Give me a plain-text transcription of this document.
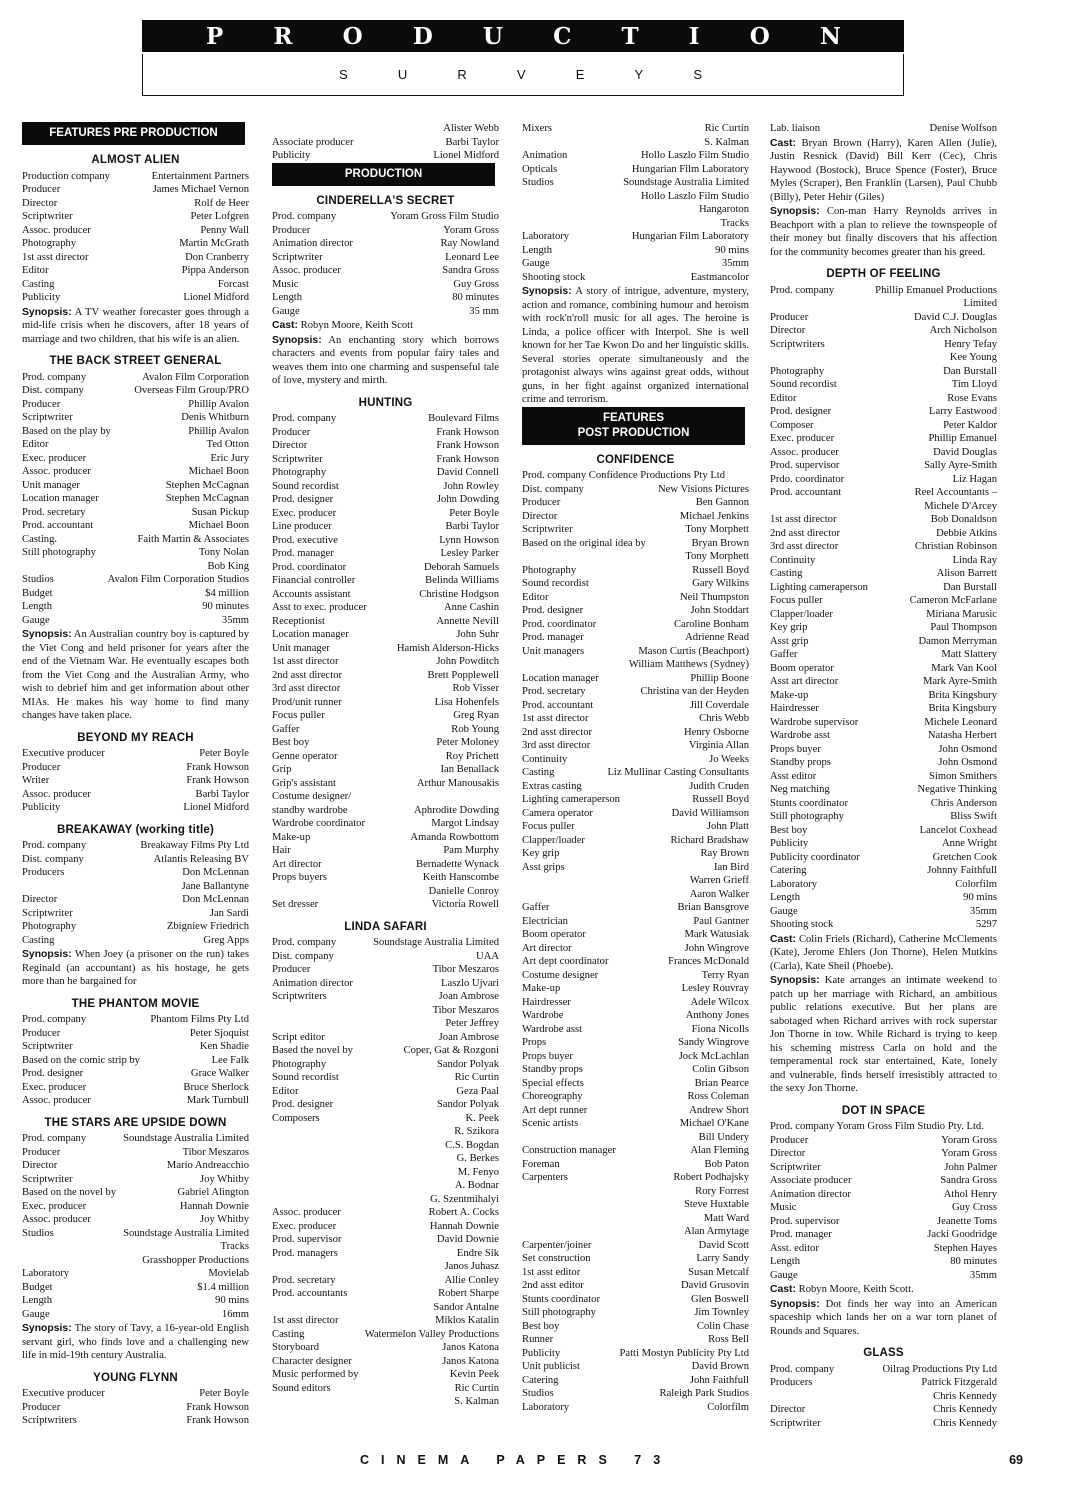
P R O D U C T I O N
S	U	R	V	E	Y	S
FEATURES PRE PRODUCTION
ALMOST ALIEN
Production company	Entertainment Partners
Producer	James Michael Vernon
Director	Rolf de Heer
Scriptwriter	Peter Lofgren
Assoc. producer	Penny Wall
Photography	Martin McGrath
1st asst director	Don Cranberry
Editor	Pippa Anderson
Casting	Forcast
Publicity	Lionel Midford
Synopsis: A TV weather forecaster goes through a mid-life crisis when he discovers, after 18 years of marriage and two children, that his wife is an alien.
THE BACK STREET GENERAL
Prod. company	Avalon Film Corporation
Dist. company	Overseas Film Group/PRO
Producer	Phillip Avalon
Scriptwriter	Denis Whitburn
Based on the play by	Phillip Avalon
Editor	Ted Otton
Exec. producer	Eric Jury
Assoc. producer	Michael Boon
Unit manager	Stephen McCagnan
Location manager	Stephen McCagnan
Prod. secretary	Susan Pickup
Prod. accountant	Michael Boon
Casting.	Faith Martin & Associates
Still photography	Tony Nolan
Bob King
Studios	Avalon Film Corporation Studios
Budget	$4 million
Length	90 minutes
Gauge	35mm
Synopsis: An Australian country boy is captured by the Viet Cong and held prisoner for years after the end of the Vietnam War. He eventually escapes both from the Viet Cong and the Australian Army, who wish to debrief him and get information about other MIAs. He makes his way home to find many changes have taken place.
BEYOND MY REACH
Executive producer	Peter Boyle
Producer	Frank Howson
Writer	Frank Howson
Assoc. producer	Barbi Taylor
Publicity	Lionel Midford
BREAKAWAY (working title)
Prod. company	Breakaway Films Pty Ltd
Dist. company	Atlantis Releasing BV
Producers	Don McLennan
Jane Ballantyne
Director	Don McLennan
Scriptwriter	Jan Sardi
Photography	Zbigniew Friedrich
Casting	Greg Apps
Synopsis: When Joey (a prisoner on the run) takes Reginald (an accountant) as his hostage, he gets more than he bargained for
THE PHANTOM MOVIE
Prod. company	Phantom Films Pty Ltd
Producer	Peter Sjoquist
Scriptwriter	Ken Shadie
Based on the comic strip by	Lee Falk
Prod. designer	Grace Walker
Exec. producer	Bruce Sherlock
Assoc. producer	Mark Turnbull
THE STARS ARE UPSIDE DOWN
Prod. company	Soundstage Australia Limited
Producer	Tibor Meszaros
Director	Mario Andreacchio
Scriptwriter	Joy Whitby
Based on the novel by	Gabriel Alington
Exec. producer	Hannah Downie
Assoc. producer	Joy Whitby
Studios	Soundstage Australia Limited
Tracks
Grasshopper Productions
Laboratory	Movielab
Budget	$1.4 million
Length	90 mins
Gauge	16mm
Synopsis: The story of Tavy, a 16-year-old English servant girl, who finds love and a challenging new life in mid-19th century Australia.
YOUNG FLYNN
Executive producer	Peter Boyle
Producer	Frank Howson
Scriptwriters	Frank Howson
Alister Webb
Associate producer	Barbi Taylor
Publicity	Lionel Midford
PRODUCTION
CINDERELLA'S SECRET
Prod. company	Yoram Gross Film Studio
Producer	Yoram Gross
Animation director	Ray Nowland
Scriptwriter	Leonard Lee
Assoc. producer	Sandra Gross
Music	Guy Gross
Length	80 minutes
Gauge	35 mm
Cast: Robyn Moore, Keith Scott
Synopsis: An enchanting story which borrows characters and events from popular fairy tales and weaves them into one charming and suspenseful tale of love, mystery and mirth.
HUNTING
Prod. company	Boulevard Films
Producer	Frank Howson
Director	Frank Howson
Scriptwriter	Frank Howson
Photography	David Connell
Sound recordist	John Rowley
Prod. designer	John Dowding
Exec. producer	Peter Boyle
Line producer	Barbi Taylor
Prod. executive	Lynn Howson
Prod. manager	Lesley Parker
Prod. coordinator	Deborah Samuels
Financial controller	Belinda Williams
Accounts assistant	Christine Hodgson
Asst to exec. producer	Anne Cashin
Receptionist	Annette Nevill
Location manager	John Suhr
Unit manager	Hamish Alderson-Hicks
1st asst director	John Powditch
2nd asst director	Brett Popplewell
3rd asst director	Rob Visser
Prod/unit runner	Lisa Hohenfels
Focus puller	Greg Ryan
Gaffer	Rob Young
Best boy	Peter Moloney
Genne operator	Roy Prichett
Grip	Ian Benallack
Grip's assistant	Arthur Manousakis
Costume designer/
standby wardrobe	Aphrodite Dowding
Wardrobe coordinator	Margot Lindsay
Make-up	Amanda Rowbottom
Hair	Pam Murphy
Art director	Bernadette Wynack
Props buyers	Keith Hanscombe
Danielle Conroy
Set dresser	Victoria Rowell
LINDA SAFARI
Prod. company	Soundstage Australia Limited
Dist. company	UAA
Producer	Tibor Meszaros
Animation director	Laszlo Ujvari
Scriptwriters	Joan Ambrose
Tibor Meszaros
Peter Jeffrey
Script editor	Joan Ambrose
Based the novel by	Coper, Gat & Rozgoni
Photography	Sandor Polyak
Sound recordist	Ric Curtin
Editor	Geza Paal
Prod. designer	Sandor Polyak
Composers	K. Peek
R. Szikora
C.S. Bogdan
G. Berkes
M. Fenyo
A. Bodnar
G. Szentmihalyi
Assoc. producer	Robert A. Cocks
Exec. producer	Hannah Downie
Prod. supervisor	David Downie
Prod. managers	Endre Sik
Janos Juhasz
Prod. secretary	Allie Conley
Prod. accountants	Robert Sharpe
Sandor Antalne
1st asst director	Miklos Katalin
Casting	Watermelon Valley Productions
Storyboard	Janos Katona
Character designer	Janos Katona
Music performed by	Kevin Peek
Sound editors	Ric Curtin
S. Kalman
Mixers	Ric Curtin
S. Kalman
Animation	Hollo Laszlo Film Studio
Opticals	Hungarian Film Laboratory
Studios	Soundstage Australia Limited
Hollo Laszlo Film Studio
Hangaroton
Tracks
Laboratory	Hungarian Film Laboratory
Length	90 mins
Gauge	35mm
Shooting stock	Eastmancolor
Synopsis: A story of intrigue, adventure, mystery, action and romance, combining humour and heroism with rock'n'roll music for all ages. The heroine is Linda, a police officer with Interpol. She is well known for her Tae Kwon Do and her linguistic skills. Several stories operate simultaneously and the protagonist always wins against great odds, without guns, in her fight against organized international crime and terrorism.
FEATURES
POST PRODUCTION
CONFIDENCE
Prod. company Confidence Productions Pty Ltd
Dist. company	New Visions Pictures
Producer	Ben Gannon
Director	Michael Jenkins
Scriptwriter	Tony Morphett
Based on the original idea by	Bryan Brown
Tony Morphett
Photography	Russell Boyd
Sound recordist	Gary Wilkins
Editor	Neil Thumpston
Prod. designer	John Stoddart
Prod. coordinator	Caroline Bonham
Prod. manager	Adrienne Read
Unit managers	Mason Curtis (Beachport)
William Matthews (Sydney)
Location manager	Phillip Boone
Prod. secretary	Christina van der Heyden
Prod. accountant	Jill Coverdale
1st asst director	Chris Webb
2nd asst director	Henry Osborne
3rd asst director	Virginia Allan
Continuity	Jo Weeks
Casting	Liz Mullinar Casting Consultants
Extras casting	Judith Cruden
Lighting cameraperson	Russell Boyd
Camera operator	David Williamson
Focus puller	John Platt
Clapper/loader	Richard Bradshaw
Key grip	Ray Brown
Asst grips	Ian Bird
Warren Grieff
Aaron Walker
Gaffer	Brian Bansgrove
Electrician	Paul Gantner
Boom operator	Mark Watusiak
Art director	John Wingrove
Art dept coordinator	Frances McDonald
Costume designer	Terry Ryan
Make-up	Lesley Rouvray
Hairdresser	Adele Wilcox
Wardrobe	Anthony Jones
Wardrobe asst	Fiona Nicolls
Props	Sandy Wingrove
Props buyer	Jock McLachlan
Standby props	Colin Gibson
Special effects	Brian Pearce
Choreography	Ross Coleman
Art dept runner	Andrew Short
Scenic artists	Michael O'Kane
Bill Undery
Construction manager	Alan Fleming
Foreman	Bob Paton
Carpenters	Robert Podhajsky
Rory Forrest
Steve Huxtable
Matt Ward
Alan Armytage
Carpenter/joiner	David Scott
Set construction	Larry Sandy
1st asst editor	Susan Metcalf
2nd asst editor	David Grusovin
Stunts coordinator	Glen Boswell
Still photography	Jim Townley
Best boy	Colin Chase
Runner	Ross Bell
Publicity	Patti Mostyn Publicity Pty Ltd
Unit publicist	David Brown
Catering	John Faithfull
Studios	Raleigh Park Studios
Laboratory	Colorfilm
Lab. liaison	Denise Wolfson
Cast: Bryan Brown (Harry), Karen Allen (Julie), Justin Resnick (David) Bill Kerr (Cec), Chris Haywood (Bostock), Bruce Spence (Foster), Bruce Myles (Scraper), Ben Franklin (Larsen), Paul Chubb (Billy), Peter Hehir (Giles)
Synopsis: Con-man Harry Reynolds arrives in Beachport with a plan to relieve the townspeople of their money but finally discovers that his affection for the community becomes greater than his greed.
DEPTH OF FEELING
Prod. company	Phillip Emanuel Productions
Limited
Producer	David C.J. Douglas
Director	Arch Nicholson
Scriptwriters	Henry Tefay
Kee Young
Photography	Dan Burstall
Sound recordist	Tim Lloyd
Editor	Rose Evans
Prod. designer	Larry Eastwood
Composer	Peter Kaldor
Exec. producer	Phillip Emanuel
Assoc. producer	David Douglas
Prod. supervisor	Sally Ayre-Smith
Prdo. coordinator	Liz Hagan
Prod. accountant	Reel Accountants –
Michele D'Arcey
1st asst director	Bob Donaldson
2nd asst director	Debbie Atkins
3rd asst director	Christian Robinson
Continuity	Linda Ray
Casting	Alison Barrett
Lighting cameraperson	Dan Burstall
Focus puller	Cameron McFarlane
Clapper/loader	Miriana Marusic
Key grip	Paul Thompson
Asst grip	Damon Merryman
Gaffer	Matt Slattery
Boom operator	Mark Van Kool
Asst art director	Mark Ayre-Smith
Make-up	Brita Kingsbury
Hairdresser	Brita Kingsbury
Wardrobe supervisor	Michele Leonard
Wardrobe asst	Natasha Herbert
Props buyer	John Osmond
Standby props	John Osmond
Asst editor	Simon Smithers
Neg matching	Negative Thinking
Stunts coordinator	Chris Anderson
Still photography	Bliss Swift
Best boy	Lancelot Coxhead
Publicity	Anne Wright
Publicity coordinator	Gretchen Cook
Catering	Johnny Faithfull
Laboratory	Colorfilm
Length	90 mins
Gauge	35mm
Shooting stock	5297
Cast: Colin Friels (Richard), Catherine McClements (Kate), Jerome Ehlers (Jon Thorne), Helen Mutkins (Carla), Kate Sheil (Phoebe).
Synopsis: Kate arranges an intimate weekend to patch up her marriage with Richard, an ambitious public relations executive. But her plans are sabotaged when Richard arrives with rock superstar Jon Thorne in tow. While Richard is trying to keep his scheming mistress Carla on hold and the temperamental rock star entertained, Kate, lonely and vulnerable, finds herself irresistibly attracted to the sexy Jon Thorne.
DOT IN SPACE
Prod. company Yoram Gross Film Studio Pty. Ltd.
Producer	Yoram Gross
Director	Yoram Gross
Scriptwriter	John Palmer
Associate producer	Sandra Gross
Animation director	Athol Henry
Music	Guy Cross
Prod. supervisor	Jeanette Toms
Prod. manager	Jacki Goodridge
Asst. editor	Stephen Hayes
Length	80 minutes
Gauge	35mm
Cast: Robyn Moore, Keith Scott.
Synopsis: Dot finds her way into an American spaceship which lands her on a war torn planet of Rounds and Squares.
GLASS
Prod. company	Oilrag Productions Pty Ltd
Producers	Patrick Fitzgerald
Chris Kennedy
Director	Chris Kennedy
Scriptwriter	Chris Kennedy
CINEMA PAPERS 73	69
